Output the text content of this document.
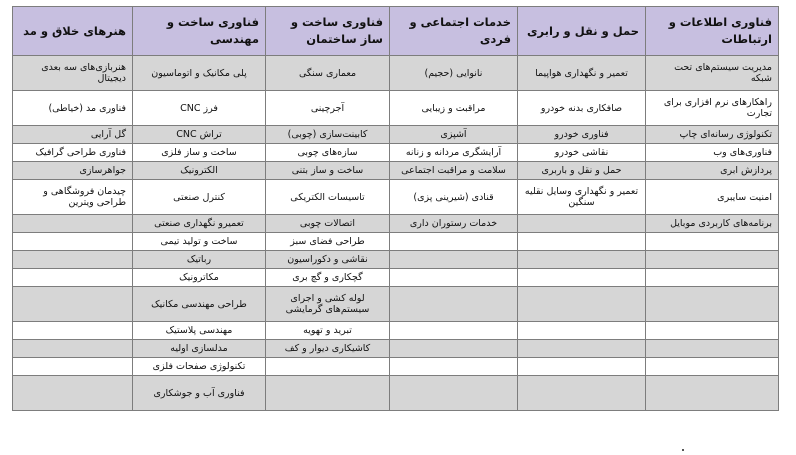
فناوری اطلاعات و ارتباطات	حمل و نقل و رابری	خدمات اجتماعی و فردی	فناوری ساخت و ساز ساختمان	فناوری ساخت و مهندسی	هنرهای خلاق و مد
مدیریت سیستم‌های تحت شبکه	تعمیر و نگهداری هواپیما	نانوایی (حجیم)	معماری سنگی	پلی مکانیک و اتوماسیون	هنربازی‌های سه بعدی دیجیتال
راهکارهای نرم افزاری برای تجارت	صافکاری بدنه خودرو	مراقبت و زیبایی	آجرچینی	فرز CNC	فناوری مد (خیاطی)
تکنولوژی رسانه‌ای چاپ	فناوری خودرو	آشپزی	کابینت‌سازی (چوبی)	تراش CNC	گل آرایی
فناوری‌های وب	نقاشی خودرو	آرایشگری مردانه و زنانه	سازه‌های چوبی	ساخت و ساز فلزی	فناوری طراحی گرافیک
پردازش ابری	حمل و نقل و باربری	سلامت و مراقبت اجتماعی	ساخت و ساز بتنی	الکترونیک	جواهرسازی
امنیت سایبری	تعمیر و نگهداری وسایل نقلیه سنگین	قنادی (شیرینی پزی)	تاسیسات الکتریکی	کنترل صنعتی	چیدمان فروشگاهی و طراحی ویترین
برنامه‌های کاربردی موبایل		خدمات رستوران داری	اتصالات چوبی	تعمیرو نگهداری صنعتی	
			طراحی فضای سبز	ساخت و تولید تیمی	
			نقاشی و دکوراسیون	رباتیک	
			گچکاری و گچ بری	مکاترونیک	
			لوله کشی و اجرای سیستم‌های گرمایشی	طراحی مهندسی مکانیک	
			تبرید و تهویه	مهندسی پلاستیک	
			کاشیکاری دیوار و کف	مدلسازی اولیه	
				تکنولوژی صفحات فلزی	
				فناوری آب و جوشکاری	
